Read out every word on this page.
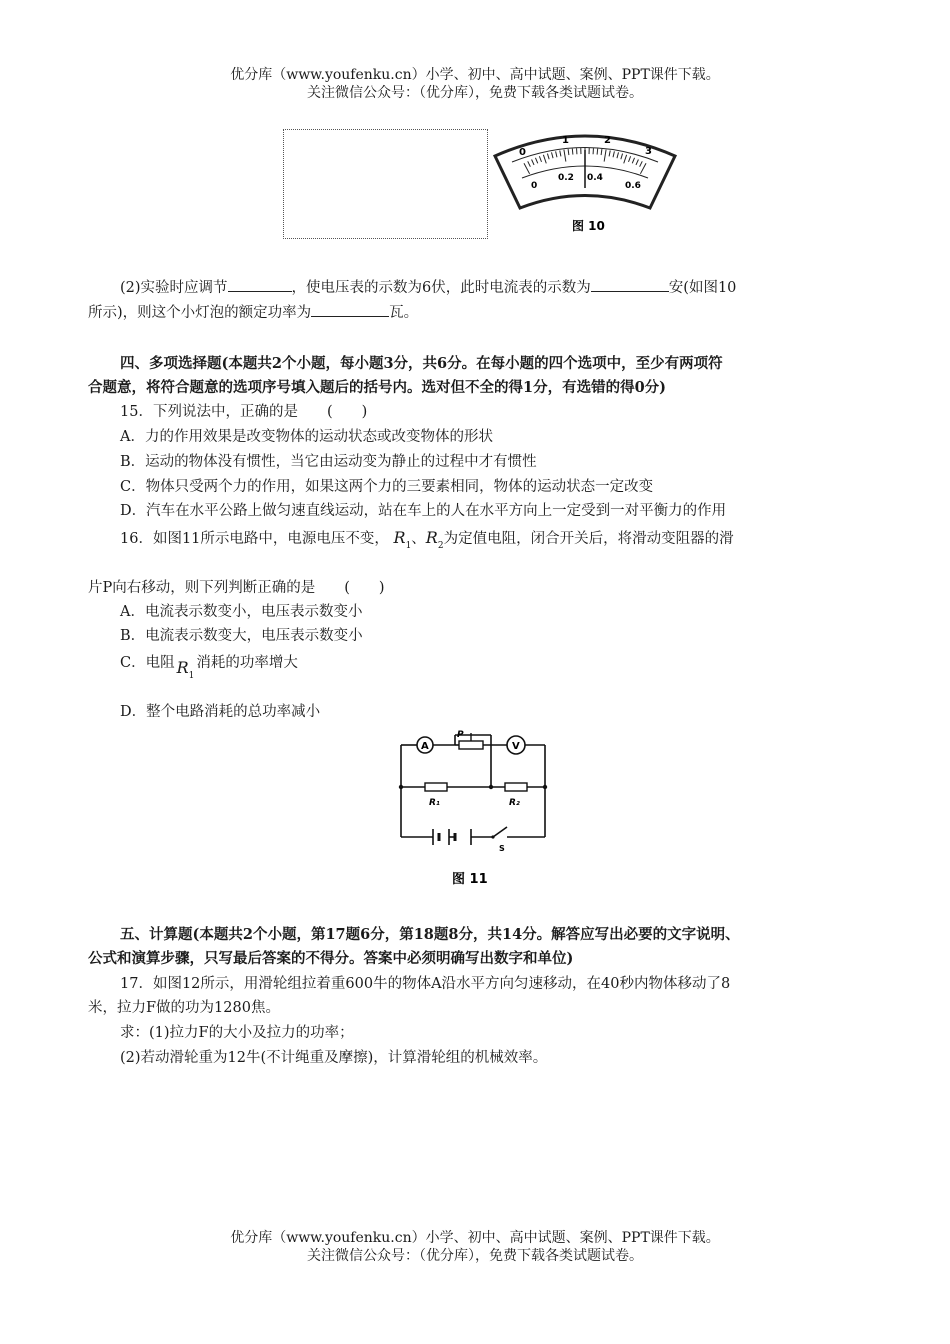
优分库（www.youfenku.cn）小学、初中、高中试题、案例、PPT课件下载。
关注微信公众号：（优分库），免费下载各类试题试卷。
0
1	2
3
0
0.2 0.4
0.6
图 10
(2)实验时应调节	，使电压表的示数为6伏，此时电流表的示数为	安(如图10
所示)，则这个小灯泡的额定功率为	瓦。
四、多项选择题(本题共2个小题，每小题3分，共6分。在每小题的四个选项中，至少有两项符
合题意，将符合题意的选项序号填入题后的括号内。选对但不全的得1分，有选错的得0分)
15．下列说法中，正确的是　　(　　)
A．力的作用效果是改变物体的运动状态或改变物体的形状
B．运动的物体没有惯性，当它由运动变为静止的过程中才有惯性
C．物体只受两个力的作用，如果这两个力的三要素相同，物体的运动状态一定改变
D．汽车在水平公路上做匀速直线运动，站在车上的人在水平方向上一定受到一对平衡力的作用
16．如图11所示电路中，电源电压不变， $R_1$、$R_2$为定值电阻，闭合开关后，将滑动变阻器的滑
片P向右移动，则下列判断正确的是　　(　　)
A．电流表示数变小，电压表示数变小
B．电流表示数变大，电压表示数变小
C．电阻 $R_1$消耗的功率增大
D．整个电路消耗的总功率减小
A
P
V
R₁	R₂
S
图 11
五、计算题(本题共2个小题，第17题6分，第18题8分，共14分。解答应写出必要的文字说明、
公式和演算步骤，只写最后答案的不得分。答案中必须明确写出数字和单位)
17．如图12所示，用滑轮组拉着重600牛的物体A沿水平方向匀速移动，在40秒内物体移动了8
米，拉力F做的功为1280焦。
求：(1)拉力F的大小及拉力的功率；
(2)若动滑轮重为12牛(不计绳重及摩擦)，计算滑轮组的机械效率。
优分库（www.youfenku.cn）小学、初中、高中试题、案例、PPT课件下载。
关注微信公众号：（优分库），免费下载各类试题试卷。
